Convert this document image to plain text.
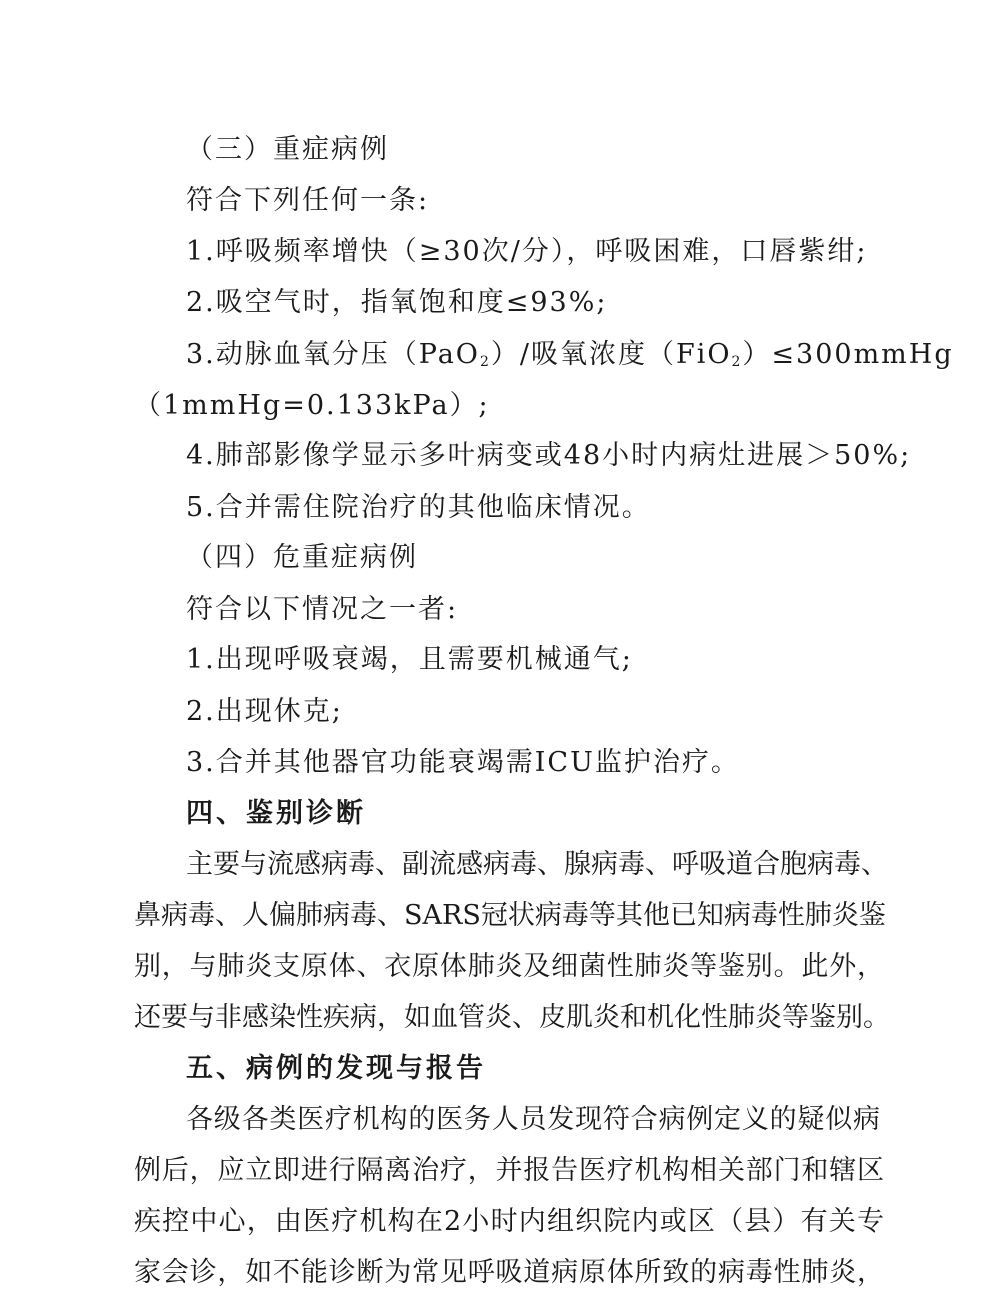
（三）重症病例
符合下列任何一条:
1.呼吸频率增快（≥30次/分），呼吸困难，口唇紫绀;
2.吸空气时，指氧饱和度≤93%;
3.动脉血氧分压（PaO$_2$）/吸氧浓度（FiO$_2$）≤300mmHg
（1mmHg=0.133kPa）;
4.肺部影像学显示多叶病变或48小时内病灶进展＞50%;
5.合并需住院治疗的其他临床情况。
（四）危重症病例
符合以下情况之一者:
1.出现呼吸衰竭，且需要机械通气;
2.出现休克;
3.合并其他器官功能衰竭需ICU监护治疗。
四、鉴别诊断
主要与流感病毒、副流感病毒、腺病毒、呼吸道合胞病毒、
鼻病毒、人偏肺病毒、SARS冠状病毒等其他已知病毒性肺炎鉴
别，与肺炎支原体、衣原体肺炎及细菌性肺炎等鉴别。此外，
还要与非感染性疾病，如血管炎、皮肌炎和机化性肺炎等鉴别。
五、病例的发现与报告
各级各类医疗机构的医务人员发现符合病例定义的疑似病
例后，应立即进行隔离治疗，并报告医疗机构相关部门和辖区
疾控中心，由医疗机构在2小时内组织院内或区（县）有关专
家会诊，如不能诊断为常见呼吸道病原体所致的病毒性肺炎，
